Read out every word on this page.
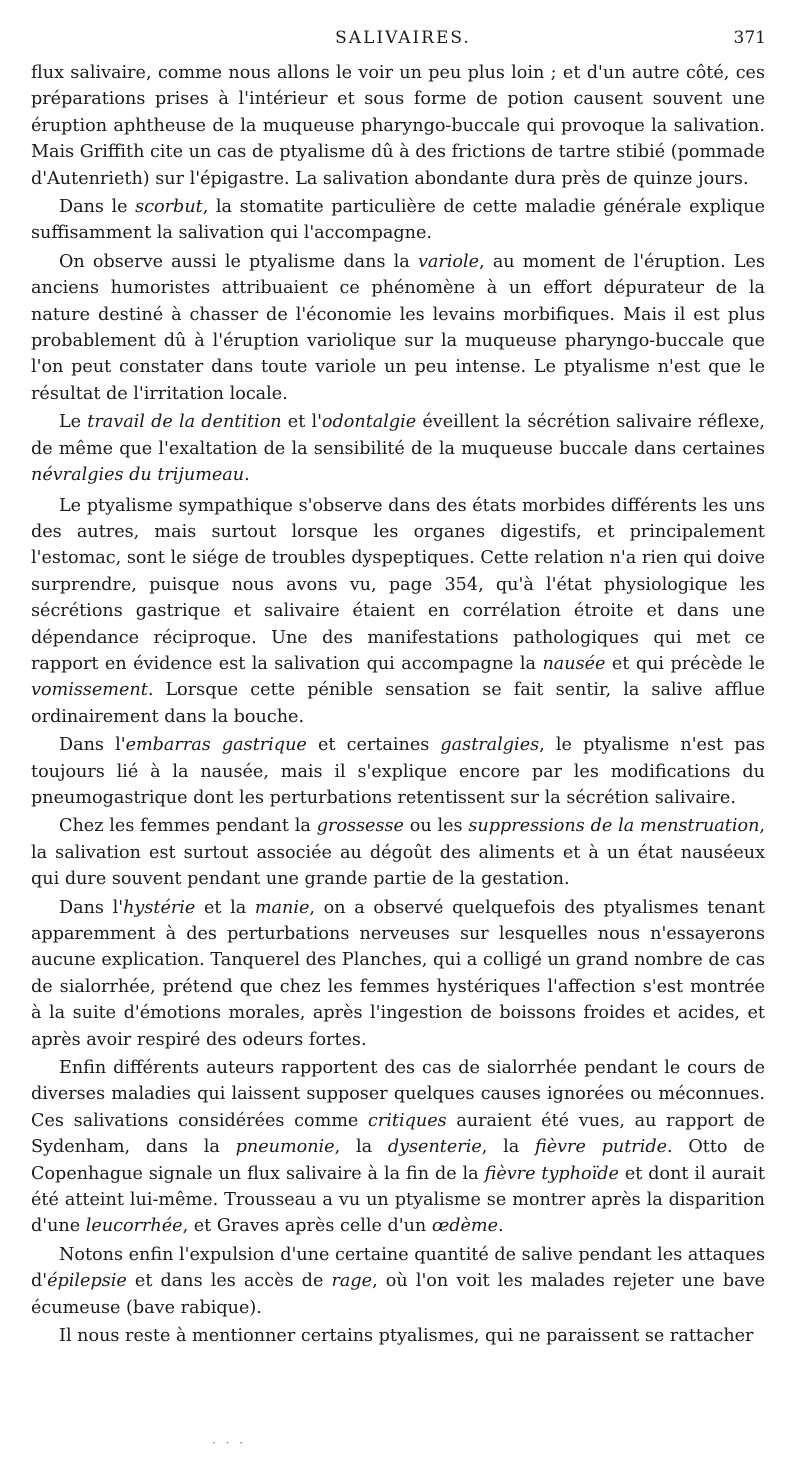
SALIVAIRES.	371

flux salivaire, comme nous allons le voir un peu plus loin ; et d'un autre côté, ces préparations prises à l'intérieur et sous forme de potion causent souvent une éruption aphtheuse de la muqueuse pharyngo-buccale qui provoque la salivation. Mais Griffith cite un cas de ptyalisme dû à des frictions de tartre stibié (pommade d'Autenrieth) sur l'épigastre. La salivation abondante dura près de quinze jours.

Dans le scorbut, la stomatite particulière de cette maladie générale explique suffisamment la salivation qui l'accompagne.

On observe aussi le ptyalisme dans la variole, au moment de l'éruption. Les anciens humoristes attribuaient ce phénomène à un effort dépurateur de la nature destiné à chasser de l'économie les levains morbifiques. Mais il est plus probablement dû à l'éruption variolique sur la muqueuse pharyngo-buccale que l'on peut constater dans toute variole un peu intense. Le ptyalisme n'est que le résultat de l'irritation locale.

Le travail de la dentition et l'odontalgie éveillent la sécrétion salivaire réflexe, de même que l'exaltation de la sensibilité de la muqueuse buccale dans certaines névralgies du trijumeau.

Le ptyalisme sympathique s'observe dans des états morbides différents les uns des autres, mais surtout lorsque les organes digestifs, et principalement l'estomac, sont le siége de troubles dyspeptiques. Cette relation n'a rien qui doive surprendre, puisque nous avons vu, page 354, qu'à l'état physiologique les sécrétions gastrique et salivaire étaient en corrélation étroite et dans une dépendance réciproque. Une des manifestations pathologiques qui met ce rapport en évidence est la salivation qui accompagne la nausée et qui précède le vomissement. Lorsque cette pénible sensation se fait sentir, la salive afflue ordinairement dans la bouche.

Dans l'embarras gastrique et certaines gastralgies, le ptyalisme n'est pas toujours lié à la nausée, mais il s'explique encore par les modifications du pneumogastrique dont les perturbations retentissent sur la sécrétion salivaire.

Chez les femmes pendant la grossesse ou les suppressions de la menstruation, la salivation est surtout associée au dégoût des aliments et à un état nauséeux qui dure souvent pendant une grande partie de la gestation.

Dans l'hystérie et la manie, on a observé quelquefois des ptyalismes tenant apparemment à des perturbations nerveuses sur lesquelles nous n'essayerons aucune explication. Tanquerel des Planches, qui a colligé un grand nombre de cas de sialorrhée, prétend que chez les femmes hystériques l'affection s'est montrée à la suite d'émotions morales, après l'ingestion de boissons froides et acides, et après avoir respiré des odeurs fortes.

Enfin différents auteurs rapportent des cas de sialorrhée pendant le cours de diverses maladies qui laissent supposer quelques causes ignorées ou méconnues. Ces salivations considérées comme critiques auraient été vues, au rapport de Sydenham, dans la pneumonie, la dysenterie, la fièvre putride. Otto de Copenhague signale un flux salivaire à la fin de la fièvre typhoïde et dont il aurait été atteint lui-même. Trousseau a vu un ptyalisme se montrer après la disparition d'une leucorrhée, et Graves après celle d'un œdème.

Notons enfin l'expulsion d'une certaine quantité de salive pendant les attaques d'épilepsie et dans les accès de rage, où l'on voit les malades rejeter une bave écumeuse (bave rabique).

Il nous reste à mentionner certains ptyalismes, qui ne paraissent se rattacher

· · ·
